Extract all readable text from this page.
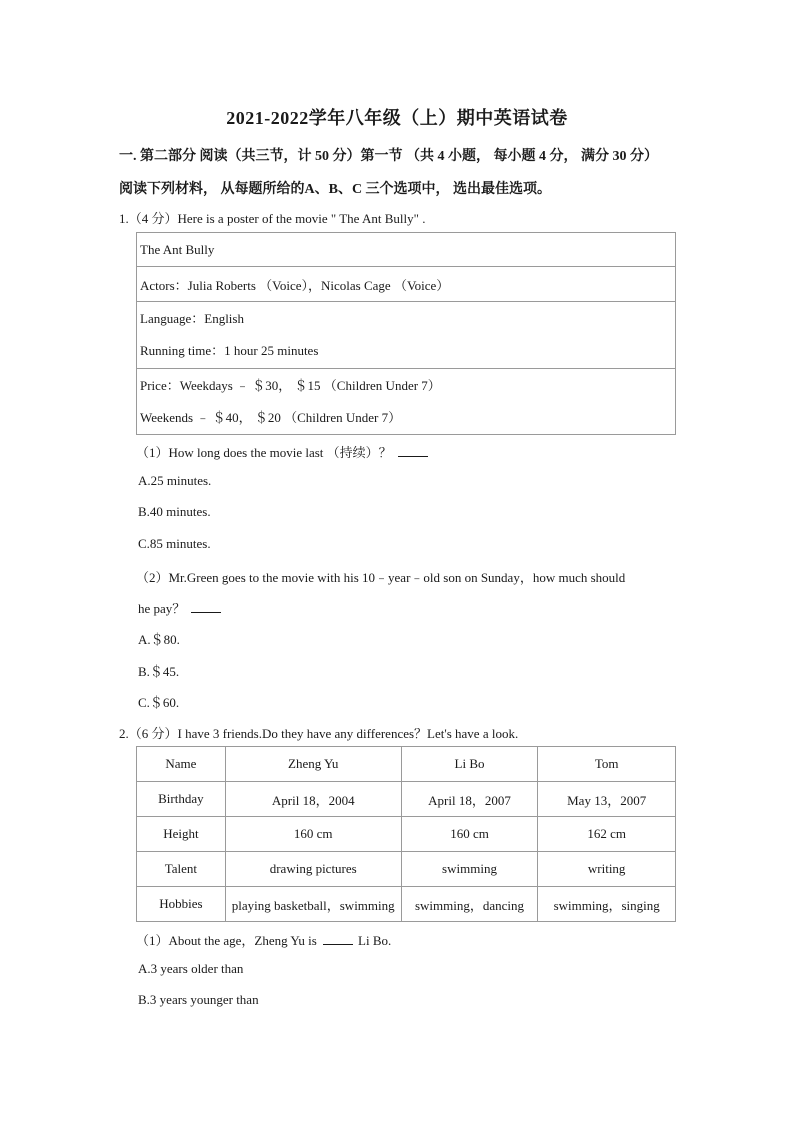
2021-2022学年八年级（上）期中英语试卷
一. 第二部分 阅读（共三节，计 50 分）第一节 （共 4 小题， 每小题 4 分， 满分 30 分）
阅读下列材料， 从每题所给的A、B、C 三个选项中， 选出最佳选项。
1.（4 分）Here is a poster of the movie " The Ant Bully" .
The Ant Bully
Actors：Julia Roberts （Voice），Nicolas Cage （Voice）

Language：English
Running time：1 hour 25 minutes

Price：Weekdays ﹣ ＄30， ＄15 （Children Under 7）
Weekends ﹣ ＄40， ＄20 （Children Under 7）
（1）How long does the movie last （持续）？
A.25 minutes.
B.40 minutes.
C.85 minutes.
（2）Mr.Green goes to the movie with his 10﹣year﹣old son on Sunday，how much should
he pay？
A.＄80.
B.＄45.
C.＄60.
2.（6 分）I have 3 friends.Do they have any differences？Let's have a look.
Name	Zheng Yu	Li Bo	Tom
Birthday	April 18，2004	April 18，2007	May 13，2007
Height	160 cm	160 cm	162 cm
Talent	drawing pictures	swimming	writing
Hobbies	playing basketball，swimming	swimming，dancing	swimming，singing
（1）About the age，Zheng Yu is	Li Bo.
A.3 years older than
B.3 years younger than
